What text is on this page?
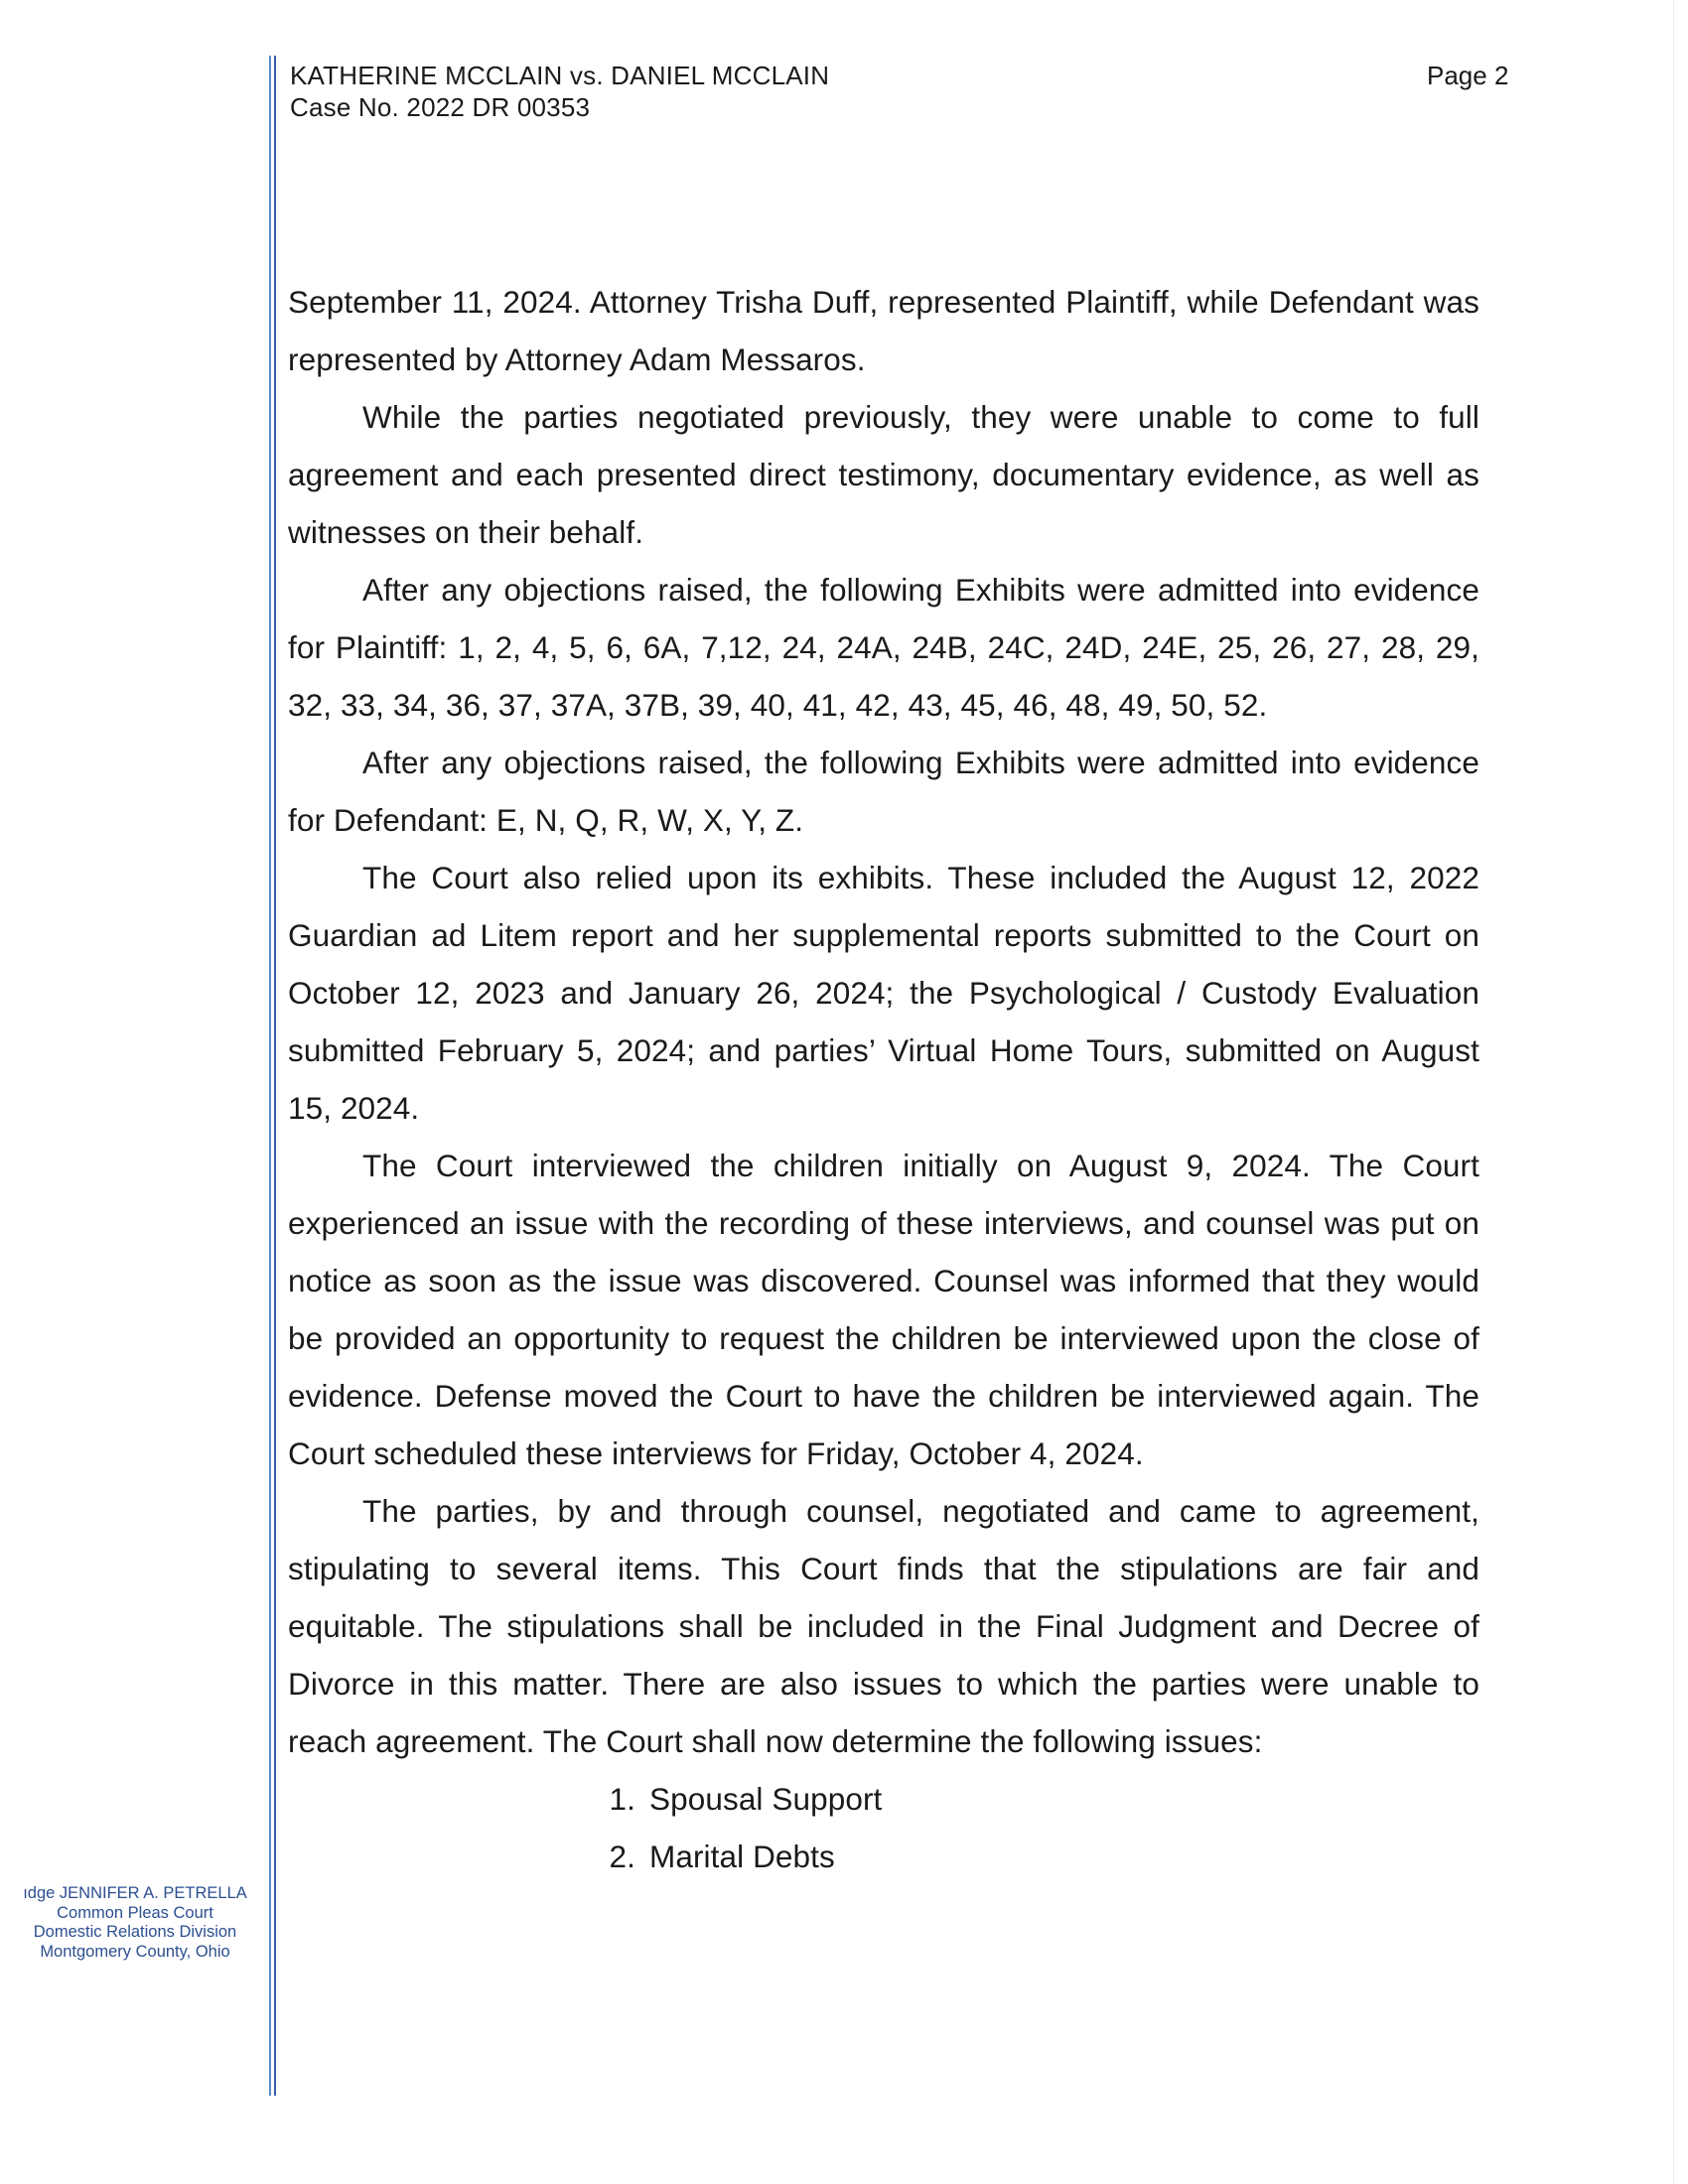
KATHERINE MCCLAIN vs. DANIEL MCCLAIN
Case No. 2022 DR 00353
Page 2

September 11, 2024. Attorney Trisha Duff, represented Plaintiff, while Defendant was represented by Attorney Adam Messaros.

While the parties negotiated previously, they were unable to come to full agreement and each presented direct testimony, documentary evidence, as well as witnesses on their behalf.

After any objections raised, the following Exhibits were admitted into evidence for Plaintiff: 1, 2, 4, 5, 6, 6A, 7,12, 24, 24A, 24B, 24C, 24D, 24E, 25, 26, 27, 28, 29, 32, 33, 34, 36, 37, 37A, 37B, 39, 40, 41, 42, 43, 45, 46, 48, 49, 50, 52.

After any objections raised, the following Exhibits were admitted into evidence for Defendant: E, N, Q, R, W, X, Y, Z.

The Court also relied upon its exhibits. These included the August 12, 2022 Guardian ad Litem report and her supplemental reports submitted to the Court on October 12, 2023 and January 26, 2024; the Psychological / Custody Evaluation submitted February 5, 2024; and parties’ Virtual Home Tours, submitted on August 15, 2024.

The Court interviewed the children initially on August 9, 2024. The Court experienced an issue with the recording of these interviews, and counsel was put on notice as soon as the issue was discovered. Counsel was informed that they would be provided an opportunity to request the children be interviewed upon the close of evidence. Defense moved the Court to have the children be interviewed again. The Court scheduled these interviews for Friday, October 4, 2024.

The parties, by and through counsel, negotiated and came to agreement, stipulating to several items. This Court finds that the stipulations are fair and equitable. The stipulations shall be included in the Final Judgment and Decree of Divorce in this matter. There are also issues to which the parties were unable to reach agreement. The Court shall now determine the following issues:

1. Spousal Support
2. Marital Debts
ıdge JENNIFER A. PETRELLA
Common Pleas Court
Domestic Relations Division
Montgomery County, Ohio
